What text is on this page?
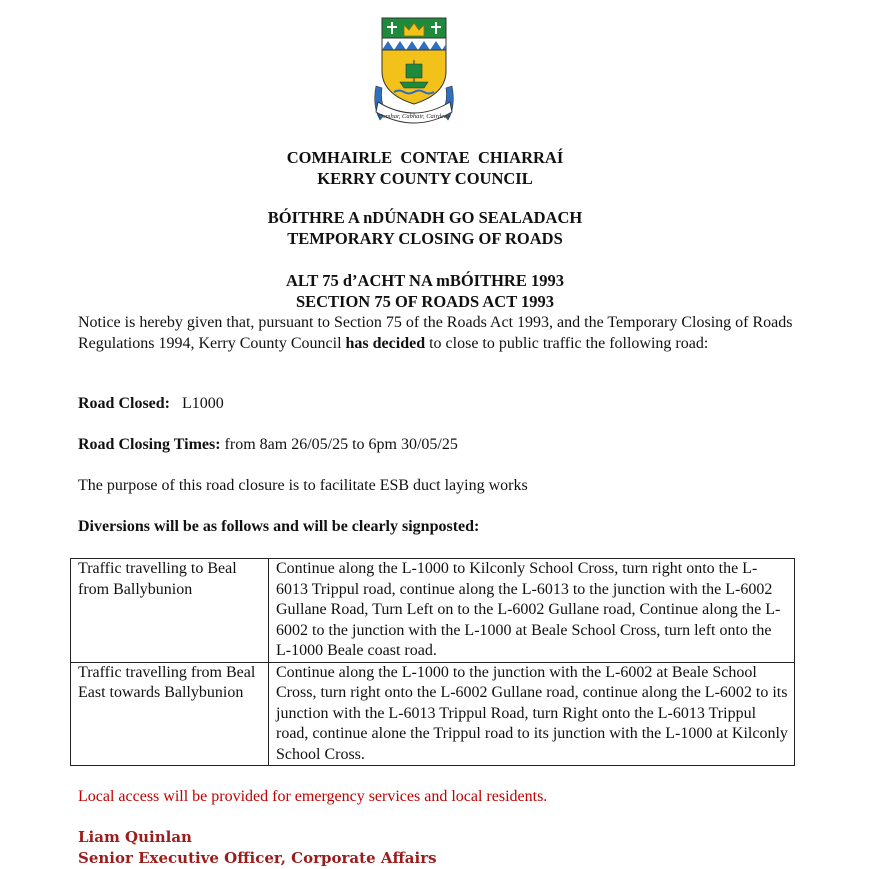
Comhar, Cabhair, Cairdeas
COMHAIRLE  CONTAE  CHIARRAÍ
KERRY COUNTY COUNCIL
BÓITHRE A nDÚNADH GO SEALADACH
TEMPORARY CLOSING OF ROADS
ALT 75 d’ACHT NA mBÓITHRE 1993
SECTION 75 OF ROADS ACT 1993

Notice is hereby given that, pursuant to Section 75 of the Roads Act 1993, and the Temporary Closing of Roads Regulations 1994, Kerry County Council has decided to close to public traffic the following road:

Road Closed: L1000

Road Closing Times: from 8am 26/05/25 to 6pm 30/05/25

The purpose of this road closure is to facilitate ESB duct laying works

Diversions will be as follows and will be clearly signposted:

Traffic travelling to Beal from Ballybunion	Continue along the L-1000 to Kilconly School Cross, turn right onto the L-6013 Trippul road, continue along the L-6013 to the junction with the L-6002 Gullane Road, Turn Left on to the L-6002 Gullane road, Continue along the L-6002 to the junction with the L-1000 at Beale School Cross, turn left onto the L-1000 Beale coast road.
Traffic travelling from Beal East towards Ballybunion	Continue along the L-1000 to the junction with the L-6002 at Beale School Cross, turn right onto the L-6002 Gullane road, continue along the L-6002 to its junction with the L-6013 Trippul Road, turn Right onto the L-6013 Trippul road, continue alone the Trippul road to its junction with the L-1000 at Kilconly School Cross.

Local access will be provided for emergency services and local residents.

Liam Quinlan

Senior Executive Officer, Corporate Affairs
